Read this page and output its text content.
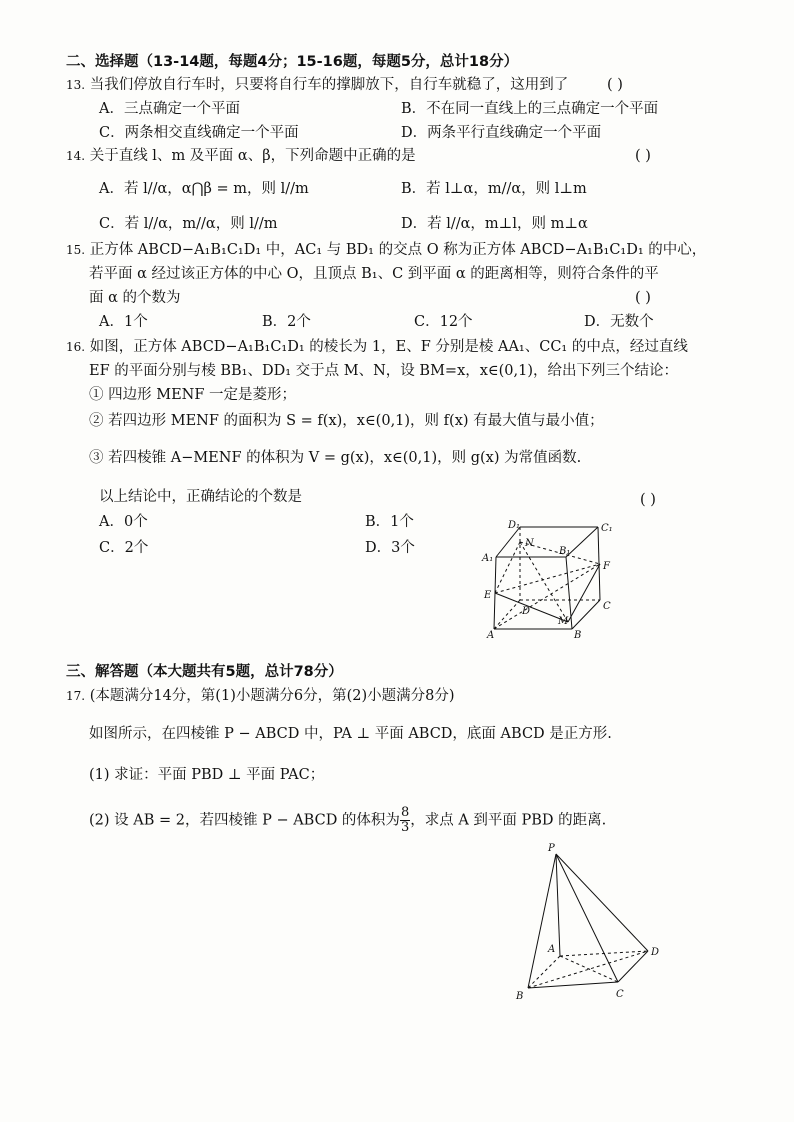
二、选择题（13-14题，每题4分；15-16题，每题5分，总计18分）
13. 当我们停放自行车时，只要将自行车的撑脚放下，自行车就稳了，这用到了	( )
A．三点确定一个平面	B．不在同一直线上的三点确定一个平面
C．两条相交直线确定一个平面	D．两条平行直线确定一个平面
14. 关于直线 l、m 及平面 α、β，下列命题中正确的是	( )
A．若 l//α，α⋂β = m，则 l//m	B．若 l⊥α，m//α，则 l⊥m
C．若 l//α，m//α，则 l//m	D．若 l//α，m⊥l，则 m⊥α
15. 正方体 ABCD−A₁B₁C₁D₁ 中，AC₁ 与 BD₁ 的交点 O 称为正方体 ABCD−A₁B₁C₁D₁ 的中心，
若平面 α 经过该正方体的中心 O，且顶点 B₁、C 到平面 α 的距离相等，则符合条件的平
面 α 的个数为	( )
A．1个	B．2个	C．12个	D．无数个
16. 如图，正方体 ABCD−A₁B₁C₁D₁ 的棱长为 1，E、F 分别是棱 AA₁、CC₁ 的中点，经过直线
EF 的平面分别与棱 BB₁、DD₁ 交于点 M、N，设 BM=x，x∈(0,1)，给出下列三个结论：
① 四边形 MENF 一定是菱形；
② 若四边形 MENF 的面积为 S = f(x)，x∈(0,1)，则 f(x) 有最大值与最小值；
③ 若四棱锥 A−MENF 的体积为 V = g(x)，x∈(0,1)，则 g(x) 为常值函数.
以上结论中，正确结论的个数是	( )
A．0个	B．1个
C．2个	D．3个
D₁	C₁
A₁
B₁
N
F
E
D	C
M
A	B
三、解答题（本大题共有5题，总计78分）
17. (本题满分14分，第(1)小题满分6分，第(2)小题满分8分)
如图所示，在四棱锥 P − ABCD 中，PA ⊥ 平面 ABCD，底面 ABCD 是正方形.
(1) 求证：平面 PBD ⊥ 平面 PAC；
(2) 设 AB = 2，若四棱锥 P − ABCD 的体积为 $\frac{8}{3}$ ，求点 A 到平面 PBD 的距离.
P
A
B	C
D
